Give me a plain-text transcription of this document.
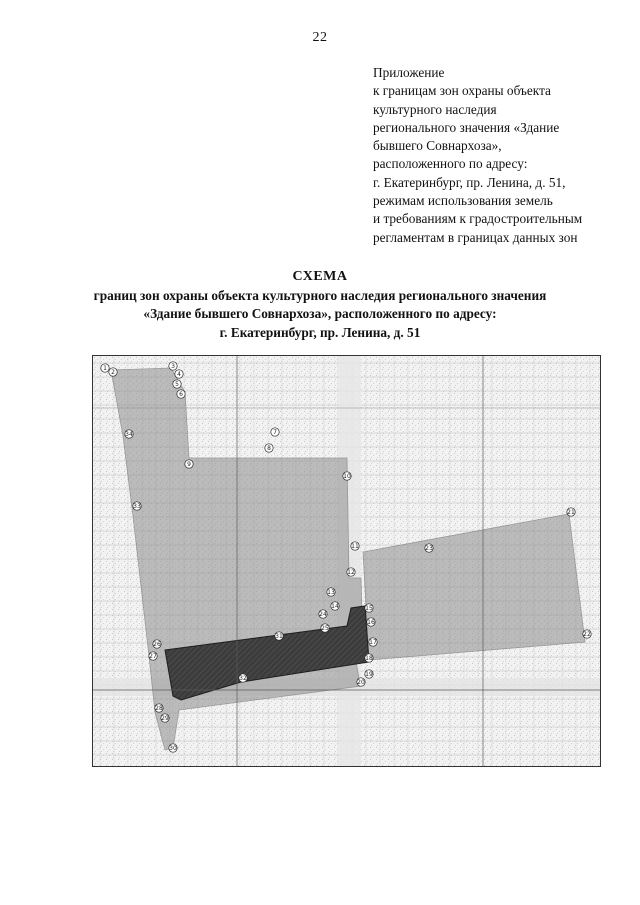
22
Приложение
к границам зон охраны объекта
культурного наследия
регионального значения «Здание
бывшего Совнархоза»,
расположенного по адресу:
г. Екатеринбург, пр. Ленина, д. 51,
режимам использования земель
и требованиям к градостроительным
регламентам в границах данных зон
СХЕМА
границ зон охраны объекта культурного наследия регионального значения
«Здание бывшего Совнархоза», расположенного по адресу:
г. Екатеринбург, пр. Ленина, д. 51
1
2
3
4
5
6
7
8
9
10
11
12
13
14	15
16
17
18
19
20
21
22
23
24
25
26
27
28
29
30
31
32
33
34
